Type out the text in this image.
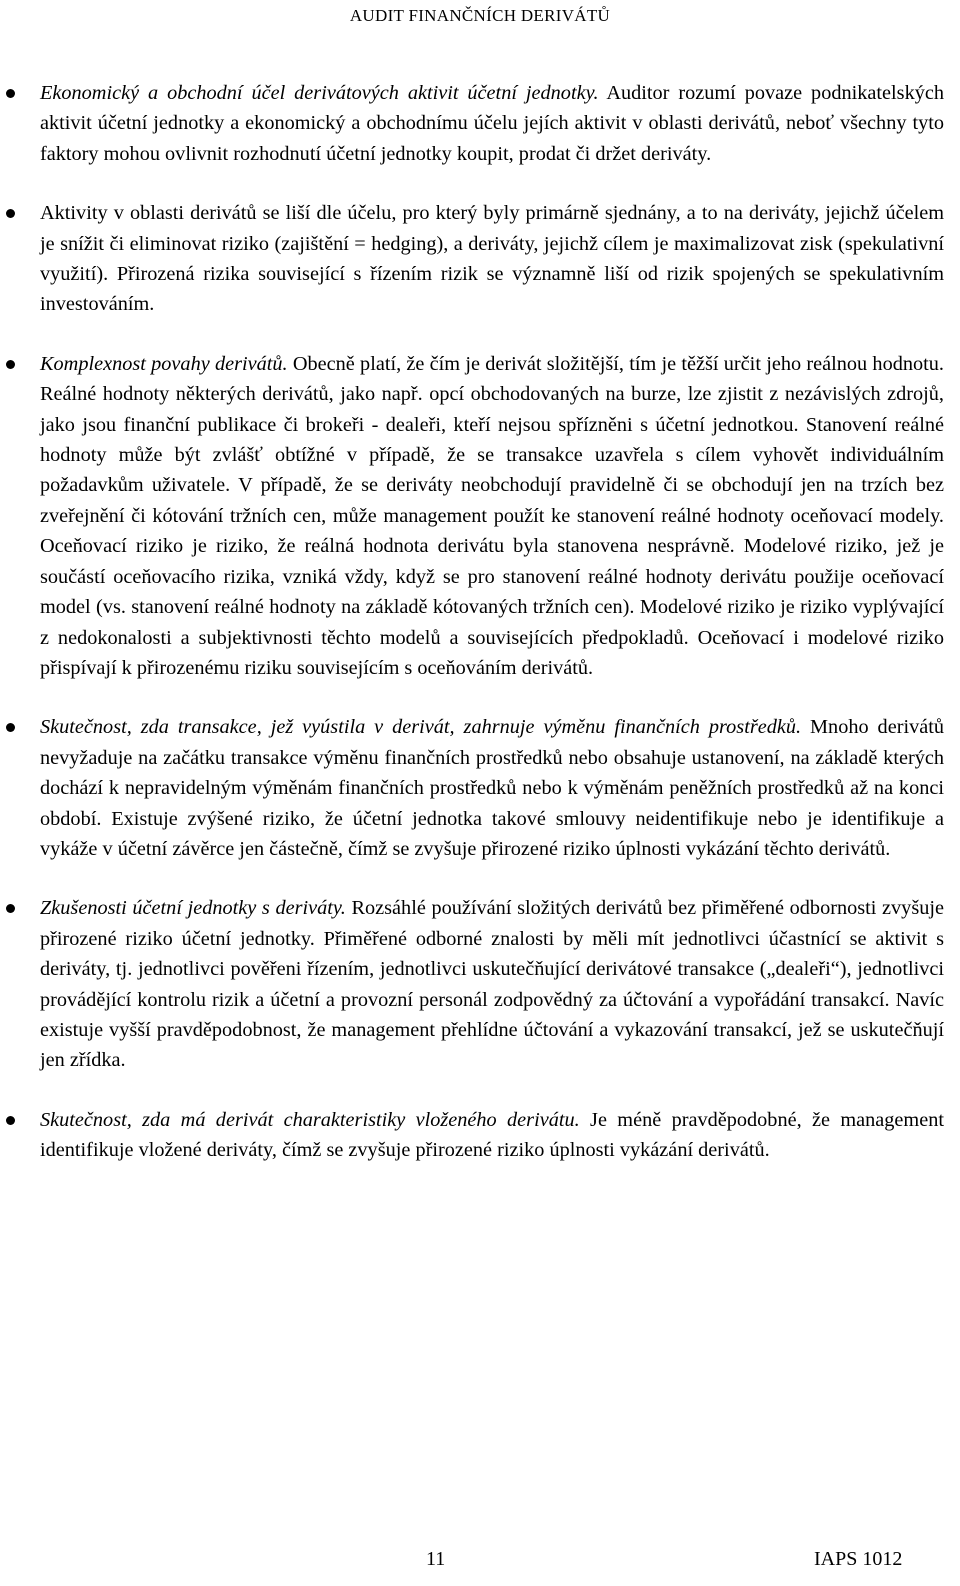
AUDIT FINANČNÍCH DERIVÁTŮ
Ekonomický a obchodní účel derivátových aktivit účetní jednotky. Auditor rozumí povaze podnikatelských aktivit účetní jednotky a ekonomický a obchodnímu účelu jejích aktivit v oblasti derivátů, neboť všechny tyto faktory mohou ovlivnit rozhodnutí účetní jednotky koupit, prodat či držet deriváty.
Aktivity v oblasti derivátů se liší dle účelu, pro který byly primárně sjednány, a to na deriváty, jejichž účelem je snížit či eliminovat riziko (zajištění = hedging), a deriváty, jejichž cílem je maximalizovat zisk (spekulativní využití). Přirozená rizika související s řízením rizik se významně liší od rizik spojených se spekulativním investováním.
Komplexnost povahy derivátů. Obecně platí, že čím je derivát složitější, tím je těžší určit jeho reálnou hodnotu. Reálné hodnoty některých derivátů, jako např. opcí obchodovaných na burze, lze zjistit z nezávislých zdrojů, jako jsou finanční publikace či brokeři - dealeři, kteří nejsou spřízněni s účetní jednotkou. Stanovení reálné hodnoty může být zvlášť obtížné v případě, že se transakce uzavřela s cílem vyhovět individuálním požadavkům uživatele. V případě, že se deriváty neobchodují pravidelně či se obchodují jen na trzích bez zveřejnění či kótování tržních cen, může management použít ke stanovení reálné hodnoty oceňovací modely. Oceňovací riziko je riziko, že reálná hodnota derivátu byla stanovena nesprávně. Modelové riziko, jež je součástí oceňovacího rizika, vzniká vždy, když se pro stanovení reálné hodnoty derivátu použije oceňovací model (vs. stanovení reálné hodnoty na základě kótovaných tržních cen). Modelové riziko je riziko vyplývající z nedokonalosti a subjektivnosti těchto modelů a souvisejících předpokladů. Oceňovací i modelové riziko přispívají k přirozenému riziku souvisejícím s oceňováním derivátů.
Skutečnost, zda transakce, jež vyústila v derivát, zahrnuje výměnu finančních prostředků. Mnoho derivátů nevyžaduje na začátku transakce výměnu finančních prostředků nebo obsahuje ustanovení, na základě kterých dochází k nepravidelným výměnám finančních prostředků nebo k výměnám peněžních prostředků až na konci období. Existuje zvýšené riziko, že účetní jednotka takové smlouvy neidentifikuje nebo je identifikuje a vykáže v účetní závěrce jen částečně, čímž se zvyšuje přirozené riziko úplnosti vykázání těchto derivátů.
Zkušenosti účetní jednotky s deriváty. Rozsáhlé používání složitých derivátů bez přiměřené odbornosti zvyšuje přirozené riziko účetní jednotky. Přiměřené odborné znalosti by měli mít jednotlivci účastnící se aktivit s deriváty, tj. jednotlivci pověřeni řízením, jednotlivci uskutečňující derivátové transakce („dealeři“), jednotlivci provádějící kontrolu rizik a účetní a provozní personál zodpovědný za účtování a vypořádání transakcí. Navíc existuje vyšší pravděpodobnost, že management přehlídne účtování a vykazování transakcí, jež se uskutečňují jen zřídka.
Skutečnost, zda má derivát charakteristiky vloženého derivátu. Je méně pravděpodobné, že management identifikuje vložené deriváty, čímž se zvyšuje přirozené riziko úplnosti vykázání derivátů.
11	IAPS 1012
